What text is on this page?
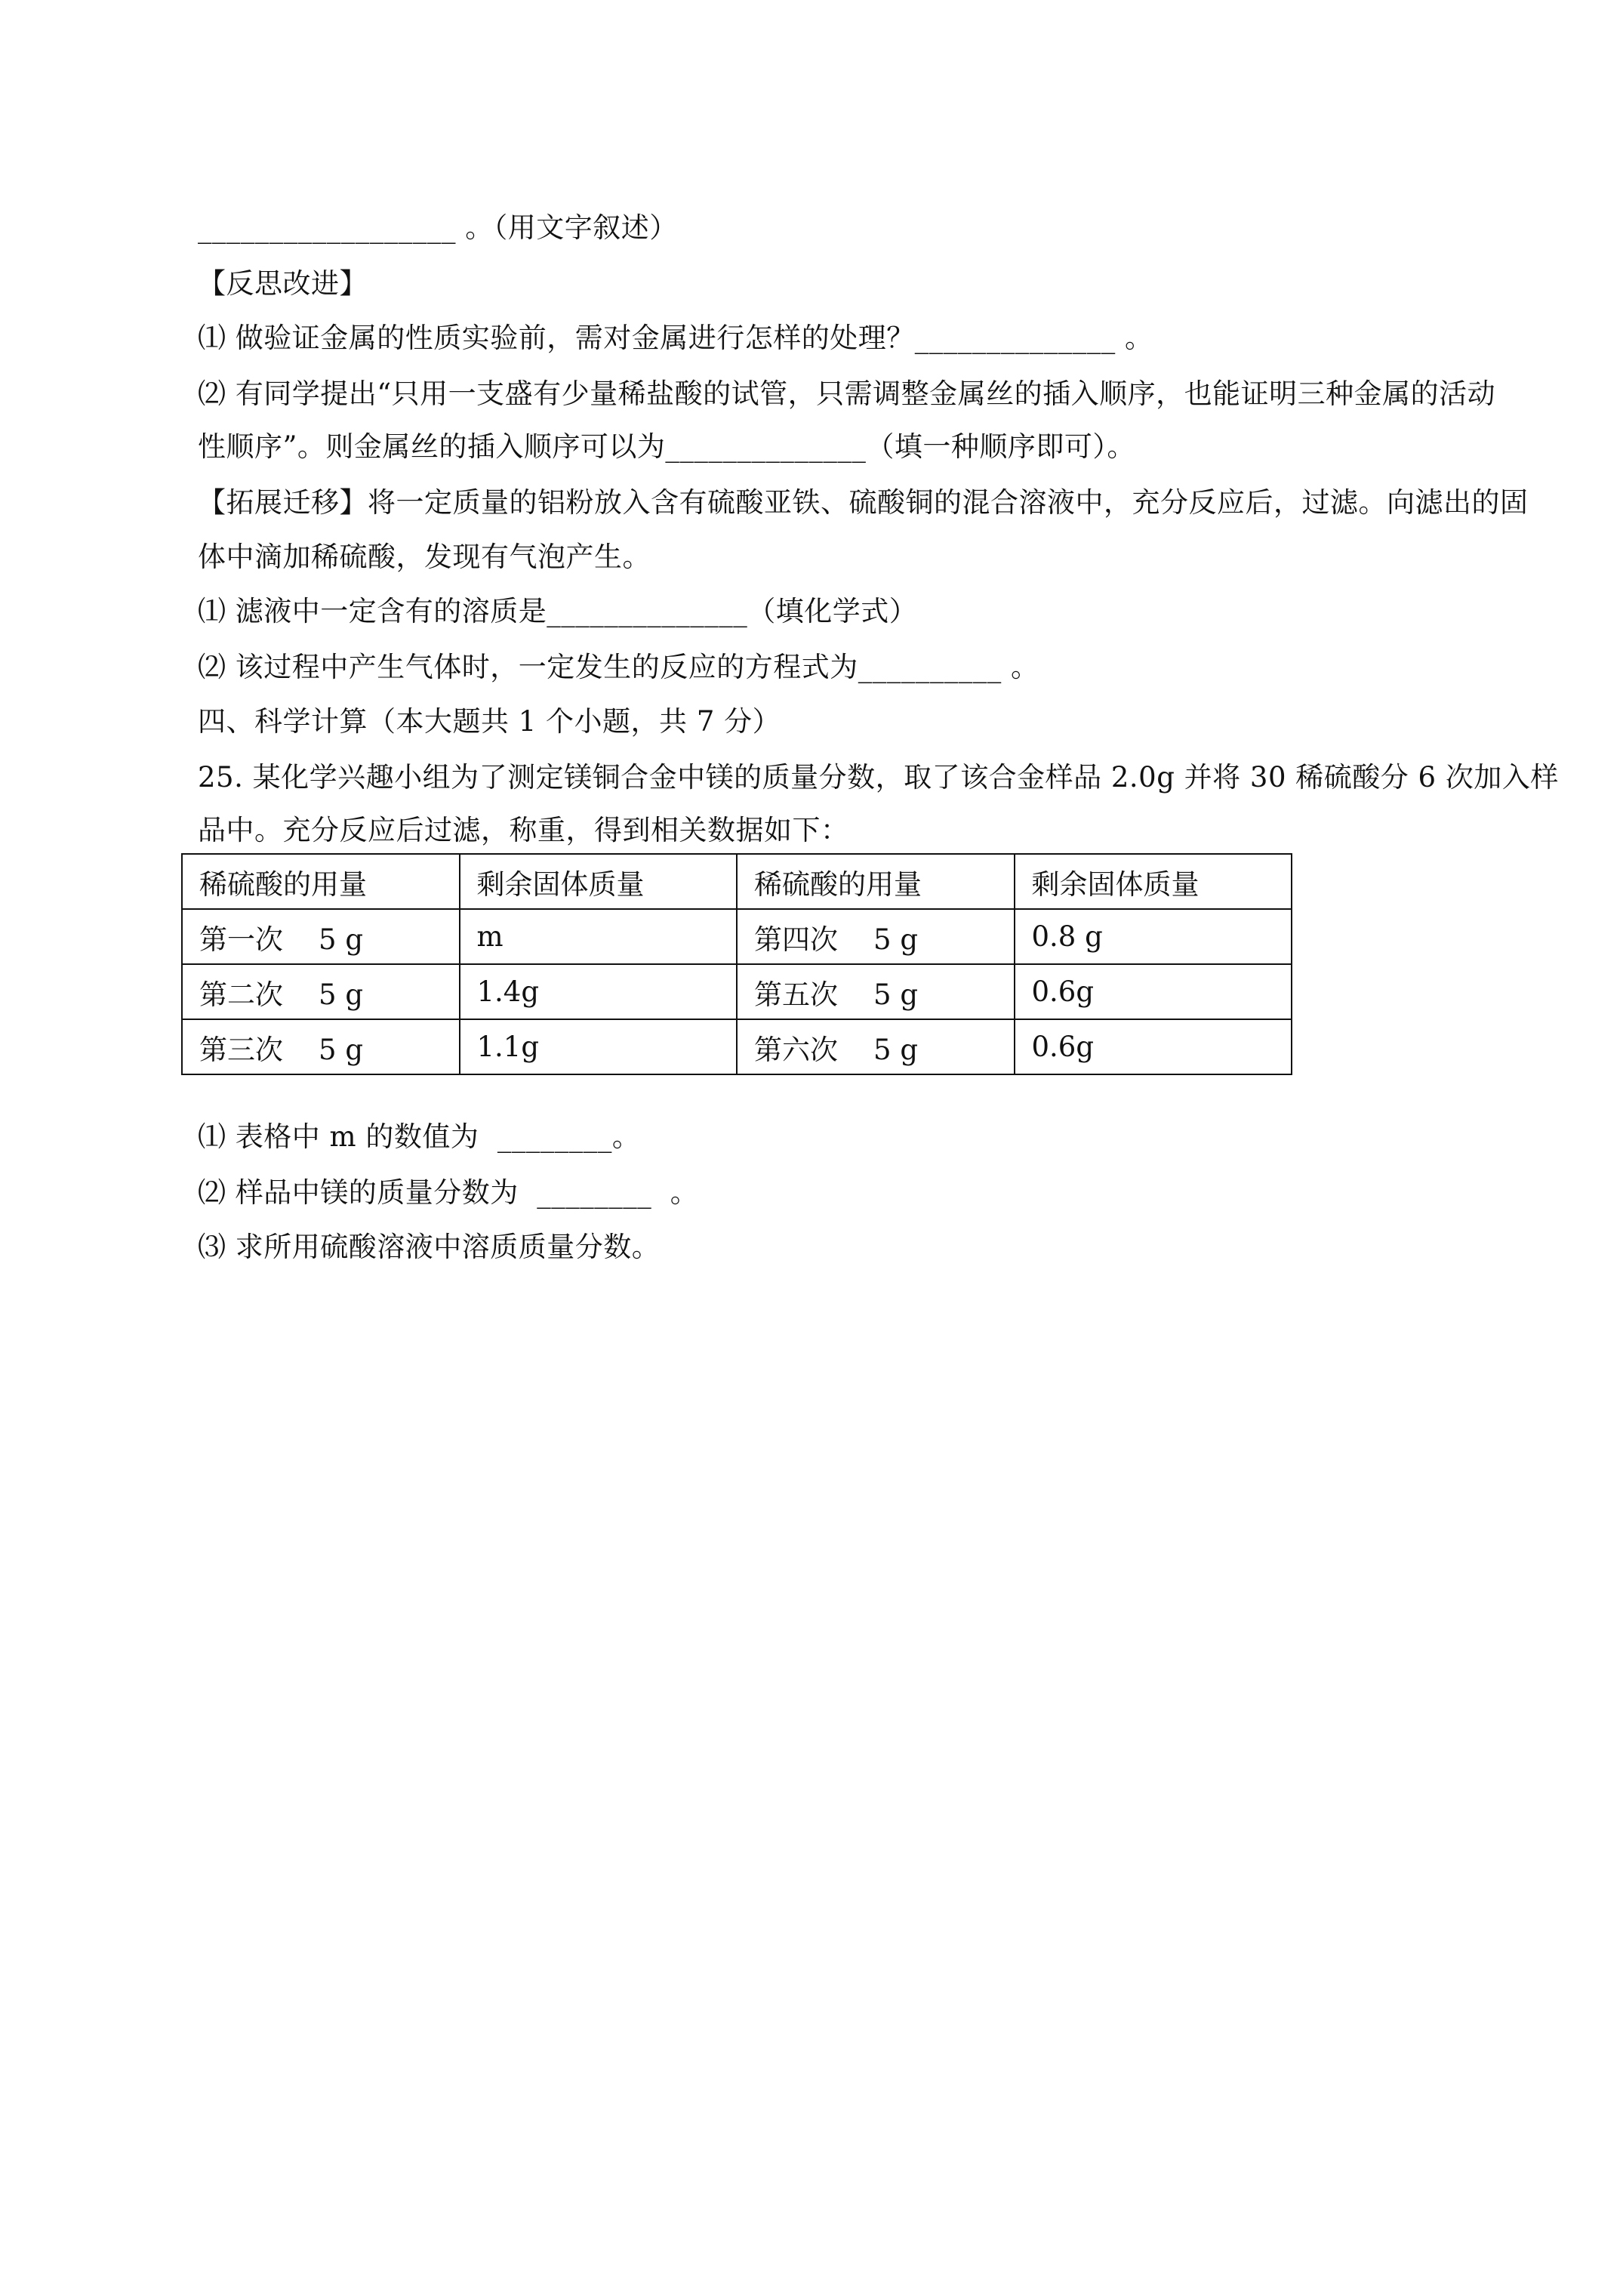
__________________ 。（用文字叙述）
【反思改进】
⑴ 做验证金属的性质实验前，需对金属进行怎样的处理？______________ 。
⑵ 有同学提出“只用一支盛有少量稀盐酸的试管，只需调整金属丝的插入顺序，也能证明三种金属的活动
性顺序”。则金属丝的插入顺序可以为______________（填一种顺序即可）。
【拓展迁移】将一定质量的铝粉放入含有硫酸亚铁、硫酸铜的混合溶液中，充分反应后，过滤。向滤出的固
体中滴加稀硫酸，发现有气泡产生。
⑴ 滤液中一定含有的溶质是______________（填化学式）
⑵ 该过程中产生气体时，一定发生的反应的方程式为__________ 。
四、科学计算（本大题共 1 个小题，共 7 分）
25. 某化学兴趣小组为了测定镁铜合金中镁的质量分数，取了该合金样品 2.0g 并将 30 稀硫酸分 6 次加入样
品中。充分反应后过滤，称重，得到相关数据如下：
稀硫酸的用量	剩余固体质量	稀硫酸的用量	剩余固体质量
第一次    5 g	m	第四次    5 g	0.8 g
第二次    5 g	1.4g	第五次    5 g	0.6g
第三次    5 g	1.1g	第六次    5 g	0.6g
⑴ 表格中 m 的数值为  ________。
⑵ 样品中镁的质量分数为  ________  。
⑶ 求所用硫酸溶液中溶质质量分数。
